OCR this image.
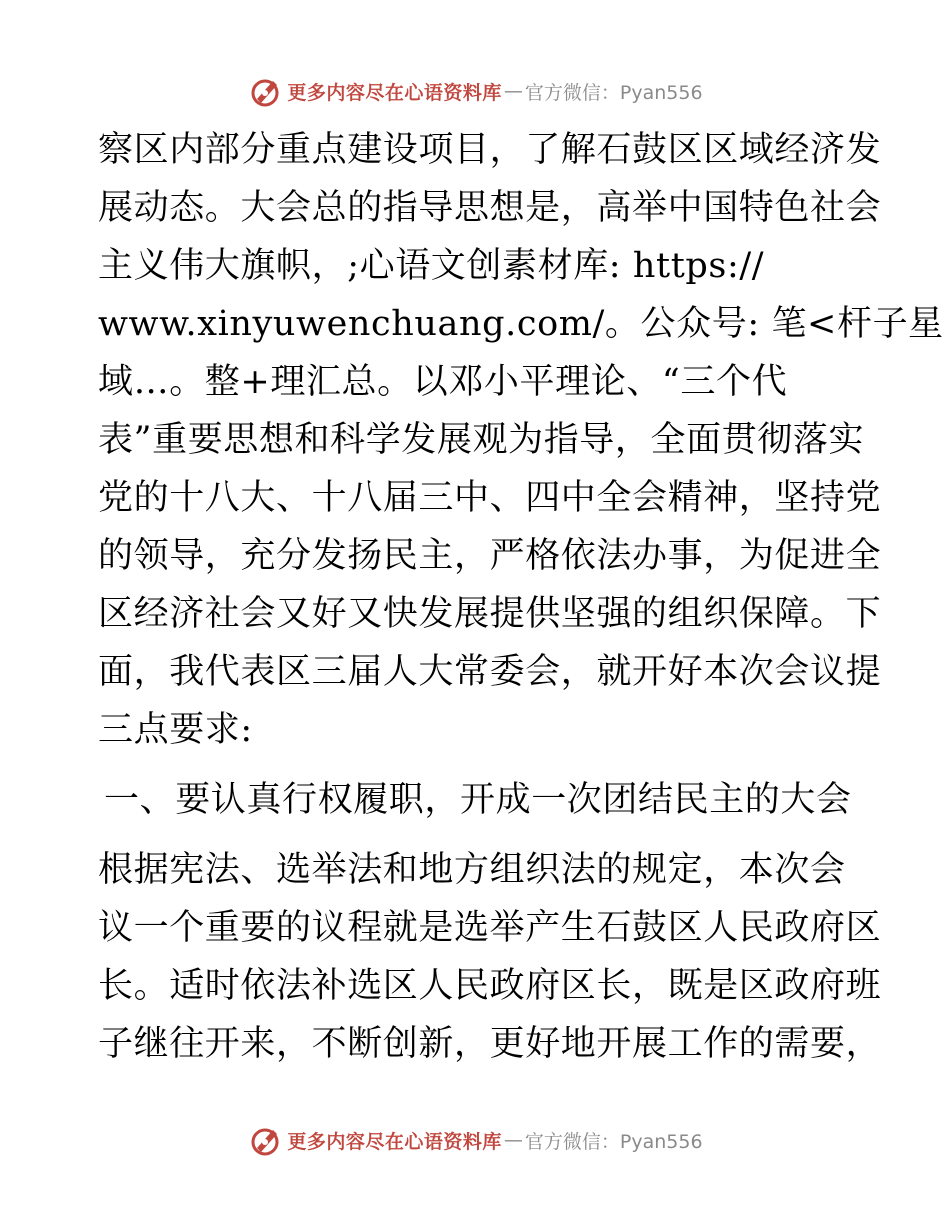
更多内容尽在心语资料库 — 官方微信：Pyan556
察区内部分重点建设项目，了解石鼓区区域经济发
展动态。大会总的指导思想是，高举中国特色社会
主义伟大旗帜，;心语文创素材库: https://
www.xinyuwenchuang.com/。公众号: 笔<杆子星
域…。整+理汇总。以邓小平理论、“三个代
表”重要思想和科学发展观为指导，全面贯彻落实
党的十八大、十八届三中、四中全会精神，坚持党
的领导，充分发扬民主，严格依法办事，为促进全
区经济社会又好又快发展提供坚强的组织保障。下
面，我代表区三届人大常委会，就开好本次会议提
三点要求:
一、要认真行权履职，开成一次团结民主的大会
根据宪法、选举法和地方组织法的规定，本次会
议一个重要的议程就是选举产生石鼓区人民政府区
长。适时依法补选区人民政府区长，既是区政府班
子继往开来，不断创新，更好地开展工作的需要，
更多内容尽在心语资料库 — 官方微信：Pyan556
